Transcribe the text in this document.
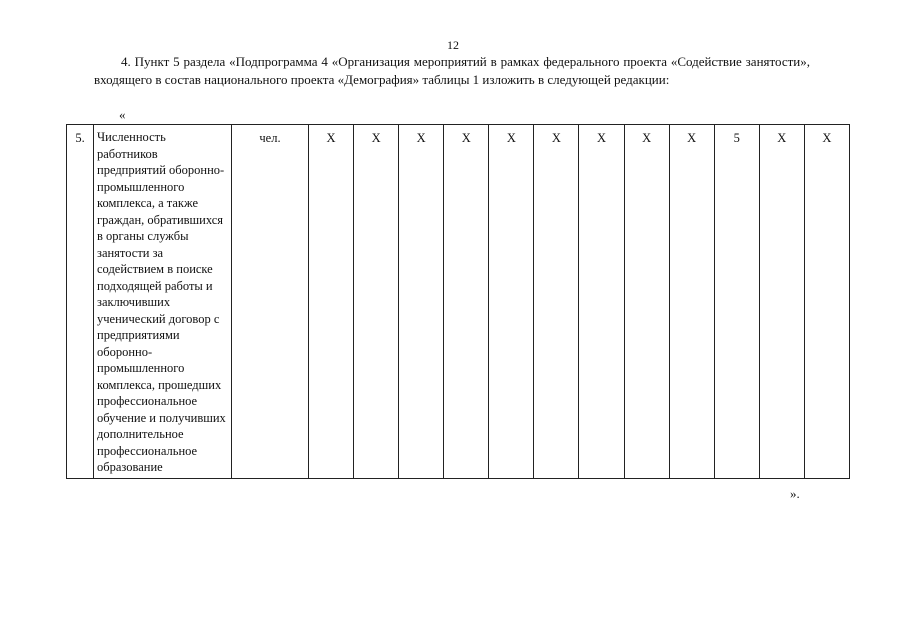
12

4. Пункт 5 раздела «Подпрограмма 4 «Организация мероприятий в рамках федерального проекта «Содействие занятости», входящего в состав национального проекта «Демография» таблицы 1 изложить в следующей редакции:

«
5.	Численность работников предприятий оборонно-промышленного комплекса, а также граждан, обратившихся в органы службы занятости за содействием в поиске подходящей работы и заключивших ученический договор с предприятиями оборонно-промышленного комплекса, прошедших профессиональное обучение и получивших дополнительное профессиональное образование	чел.	X	X	X	X	X	X	X	X	X	5	X	X
».
